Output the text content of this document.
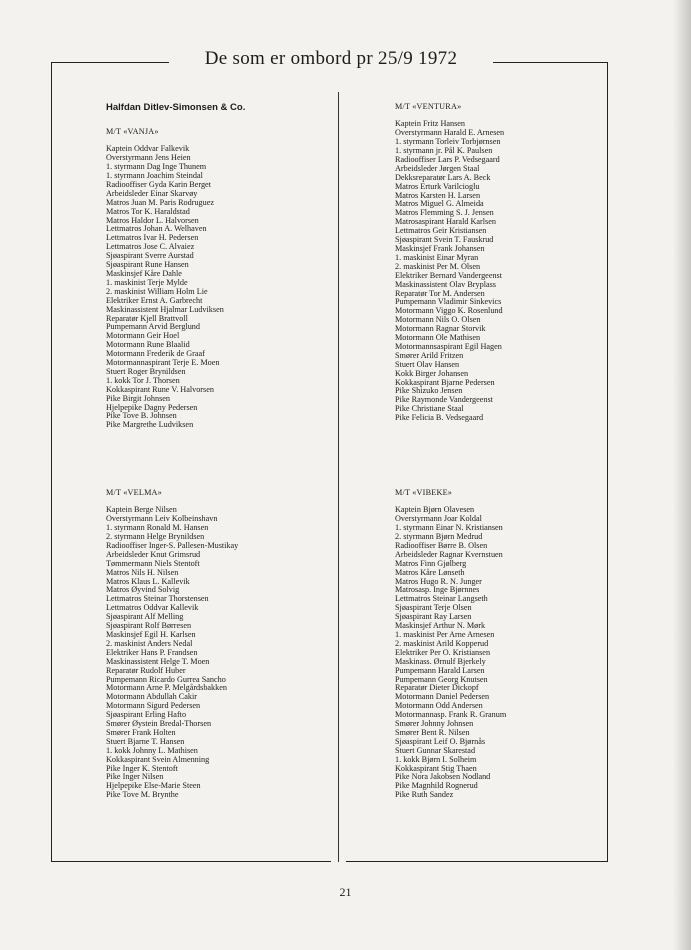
De som er ombord pr 25/9 1972
Halfdan Ditlev-Simonsen & Co.
M/T «VANJA»
Kaptein Oddvar Falkevik
Overstyrmann Jens Heien
1. styrmann Dag Inge Thunem
1. styrmann Joachim Steindal
Radiooffiser Gyda Karin Berget
Arbeidsleder Einar Skarvøy
Matros Juan M. Paris Rodruguez
Matros Tor K. Haraldstad
Matros Haldor L. Halvorsen
Lettmatros Johan A. Welhaven
Lettmatros Ivar H. Pedersen
Lettmatros Jose C. Alvaiez
Sjøaspirant Sverre Aurstad
Sjøaspirant Rune Hansen
Maskinsjef Kåre Dahle
1. maskinist Terje Mylde
2. maskinist William Holm Lie
Elektriker Ernst A. Garbrecht
Maskinassistent Hjalmar Ludviksen
Reparatør Kjell Brattvoll
Pumpemann Arvid Berglund
Motormann Geir Hoel
Motormann Rune Blaalid
Motormann Frederik de Graaf
Motormannaspirant Terje E. Moen
Stuert Roger Brynildsen
1. kokk Tor J. Thorsen
Kokkaspirant Rune V. Halvorsen
Pike Birgit Johnsen
Hjelpepike Dagny Pedersen
Pike Tove B. Johnsen
Pike Margrethe Ludviksen
M/T «VENTURA»
Kaptein Fritz Hansen
Overstyrmann Harald E. Arnesen
1. styrmann Torleiv Torbjørnsen
1. styrmann jr. Pål K. Paulsen
Radiooffiser Lars P. Vedsegaard
Arbeidsleder Jørgen Staal
Dekksreparatør Lars A. Beck
Matros Erturk Varilcioglu
Matros Karsten H. Larsen
Matros Miguel G. Almeida
Matros Flemming S. J. Jensen
Matrosaspirant Harald Karlsen
Lettmatros Geir Kristiansen
Sjøaspirant Svein T. Fauskrud
Maskinsjef Frank Johansen
1. maskinist Einar Myran
2. maskinist Per M. Olsen
Elektriker Bernard Vandergeenst
Maskinassistent Olav Bryplass
Reparatør Tor M. Andersen
Pumpemann Vladimir Sinkevics
Motormann Viggo K. Rosenlund
Motormann Nils O. Olsen
Motormann Ragnar Storvik
Motormann Ole Mathisen
Motormannsaspirant Egil Hagen
Smører Arild Fritzen
Stuert Olav Hansen
Kokk Birger Johansen
Kokkaspirant Bjarne Pedersen
Pike Shizuko Jensen
Pike Raymonde Vandergeenst
Pike Christiane Staal
Pike Felicia B. Vedsegaard
M/T «VELMA»
Kaptein Berge Nilsen
Overstyrmann Leiv Kolbeinshavn
1. styrmann Ronald M. Hansen
2. styrmann Helge Brynildsen
Radiooffiser Inger-S. Pallesen-Mustikay
Arbeidsleder Knut Grimsrud
Tømmermann Niels Stentoft
Matros Nils H. Nilsen
Matros Klaus L. Kallevik
Matros Øyvind Solvig
Lettmatros Steinar Thorstensen
Lettmatros Oddvar Kallevik
Sjøaspirant Alf Melling
Sjøaspirant Rolf Børresen
Maskinsjef Egil H. Karlsen
2. maskinist Anders Nedal
Elektriker Hans P. Frandsen
Maskinassistent Helge T. Moen
Reparatør Rudolf Huber
Pumpemann Ricardo Gurrea Sancho
Motormann Arne P. Melgårdsbakken
Motormann Abdullah Cakir
Motormann Sigurd Pedersen
Sjøaspirant Erling Hafto
Smører Øystein Bredal-Thorsen
Smører Frank Holten
Stuert Bjarne T. Hansen
1. kokk Johnny L. Mathisen
Kokkaspirant Svein Almenning
Pike Inger K. Stentoft
Pike Inger Nilsen
Hjelpepike Else-Marie Steen
Pike Tove M. Brynthe
M/T «VIBEKE»
Kaptein Bjørn Olavesen
Overstyrmann Joar Koldal
1. styrmann Einar N. Kristiansen
2. styrmann Bjørn Medrud
Radiooffiser Børre B. Olsen
Arbeidsleder Ragnar Kvernstuen
Matros Finn Gjølberg
Matros Kåre Lønseth
Matros Hugo R. N. Junger
Matrosasp. Inge Bjørnnes
Lettmatros Steinar Langseth
Sjøaspirant Terje Olsen
Sjøaspirant Ray Larsen
Maskinsjef Arthur N. Mørk
1. maskinist Per Arne Arnesen
2. maskinist Arild Kopperud
Elektriker Per O. Kristiansen
Maskinass. Ørnulf Bjerkely
Pumpemann Harald Larsen
Pumpemann Georg Knutsen
Reparatør Dieter Dickopf
Motormann Daniel Pedersen
Motormann Odd Andersen
Motormannasp. Frank R. Granum
Smører Johnny Johnsen
Smører Bent R. Nilsen
Sjøaspirant Leif O. Bjørnås
Stuert Gunnar Skarestad
1. kokk Bjørn I. Solheim
Kokkaspirant Stig Thaen
Pike Nora Jakobsen Nodland
Pike Magnhild Rognerud
Pike Ruth Sandez
21
